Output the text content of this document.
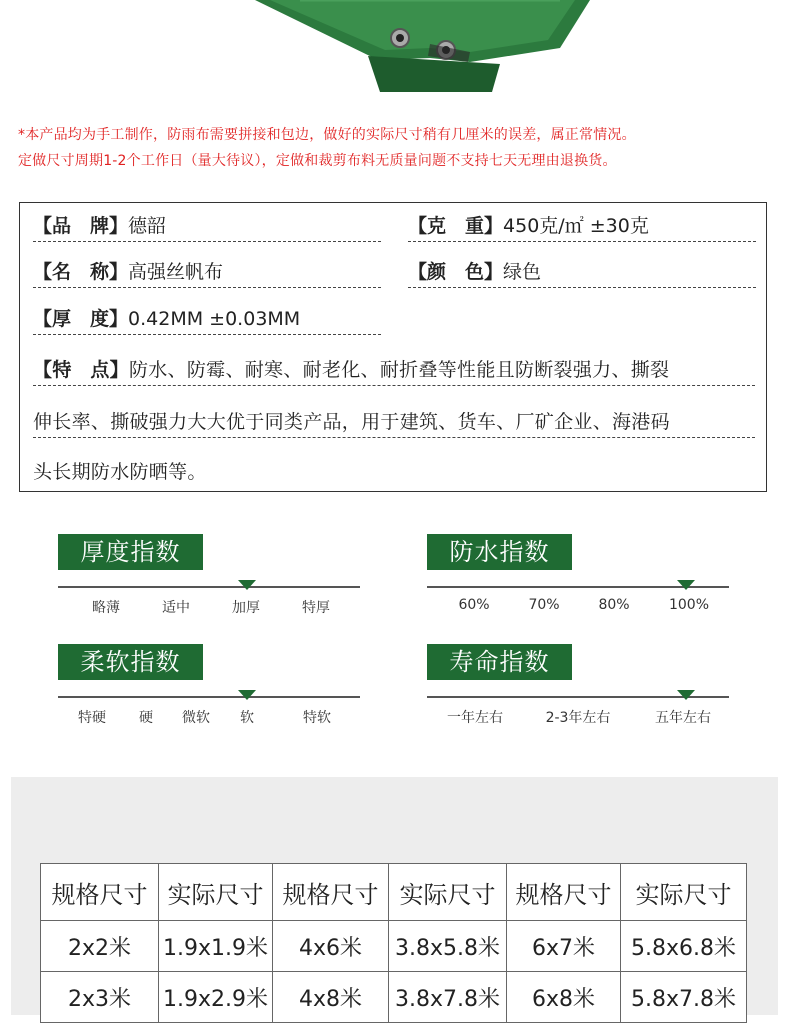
*本产品均为手工制作，防雨布需要拼接和包边，做好的实际尺寸稍有几厘米的误差，属正常情况。
定做尺寸周期1-2个工作日（量大待议），定做和裁剪布料无质量问题不支持七天无理由退换货。
【品 牌】德韶	【克 重】450克/㎡ ±30克
【名 称】高强丝帆布	【颜 色】绿色
【厚 度】0.42MM ±0.03MM
【特 点】防水、防霉、耐寒、耐老化、耐折叠等性能且防断裂强力、撕裂
伸长率、撕破强力大大优于同类产品，用于建筑、货车、厂矿企业、海港码
头长期防水防晒等。
厚度指数
略薄	适中	加厚	特厚
防水指数
60%	70%	80%	100%
柔软指数
特硬 硬 微软 软	特软
寿命指数
一年左右	2-3年左右	五年左右
规格尺寸	实际尺寸	规格尺寸	实际尺寸	规格尺寸	实际尺寸
2x2米	1.9x1.9米	4x6米	3.8x5.8米	6x7米	5.8x6.8米
2x3米	1.9x2.9米	4x8米	3.8x7.8米	6x8米	5.8x7.8米
